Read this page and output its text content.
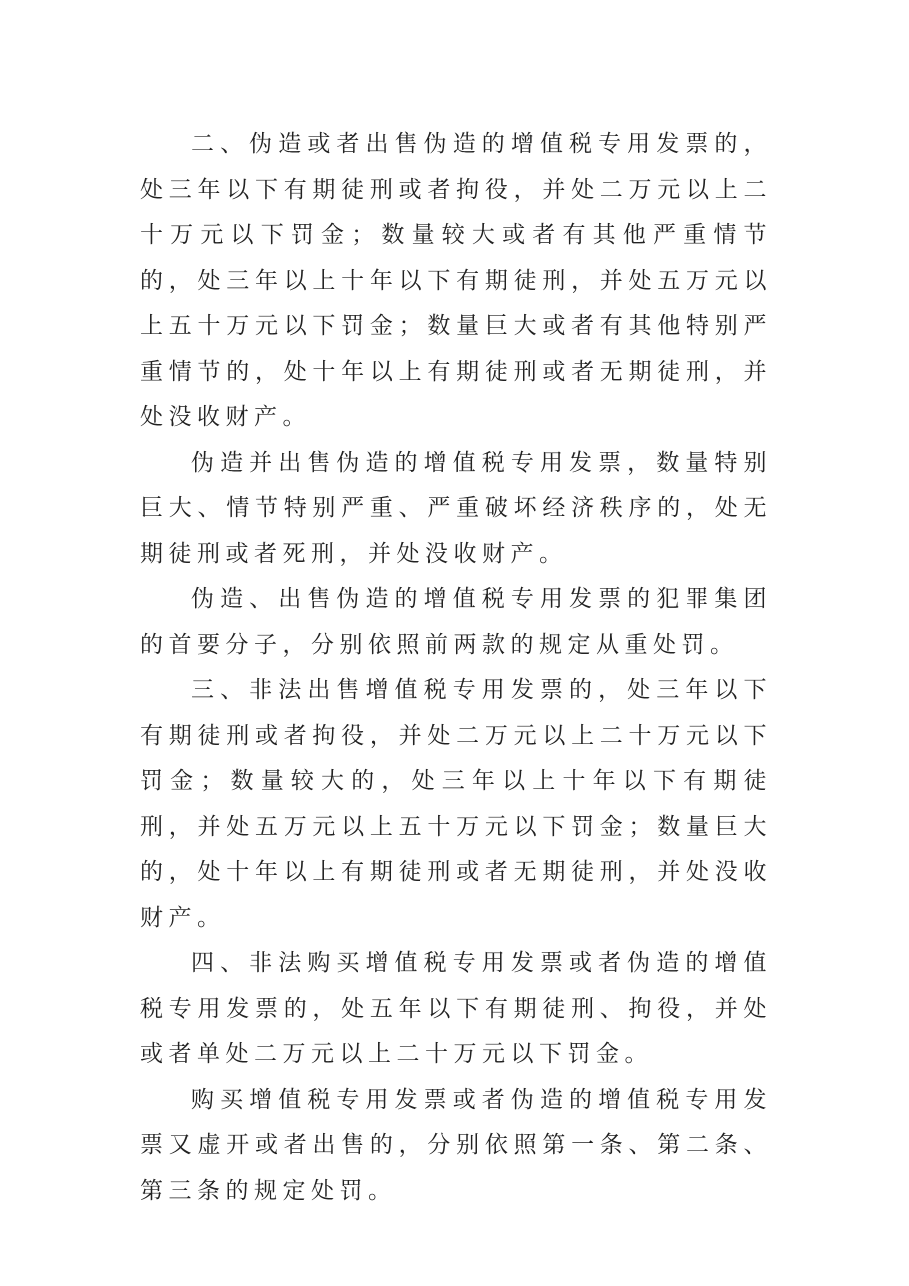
二、伪造或者出售伪造的增值税专用发票的，处三年以下有期徒刑或者拘役，并处二万元以上二十万元以下罚金；数量较大或者有其他严重情节的，处三年以上十年以下有期徒刑，并处五万元以上五十万元以下罚金；数量巨大或者有其他特别严重情节的，处十年以上有期徒刑或者无期徒刑，并处没收财产。

伪造并出售伪造的增值税专用发票，数量特别巨大、情节特别严重、严重破坏经济秩序的，处无期徒刑或者死刑，并处没收财产。

伪造、出售伪造的增值税专用发票的犯罪集团的首要分子，分别依照前两款的规定从重处罚。

三、非法出售增值税专用发票的，处三年以下有期徒刑或者拘役，并处二万元以上二十万元以下罚金；数量较大的，处三年以上十年以下有期徒刑，并处五万元以上五十万元以下罚金；数量巨大的，处十年以上有期徒刑或者无期徒刑，并处没收财产。

四、非法购买增值税专用发票或者伪造的增值税专用发票的，处五年以下有期徒刑、拘役，并处或者单处二万元以上二十万元以下罚金。

购买增值税专用发票或者伪造的增值税专用发票又虚开或者出售的，分别依照第一条、第二条、第三条的规定处罚。
